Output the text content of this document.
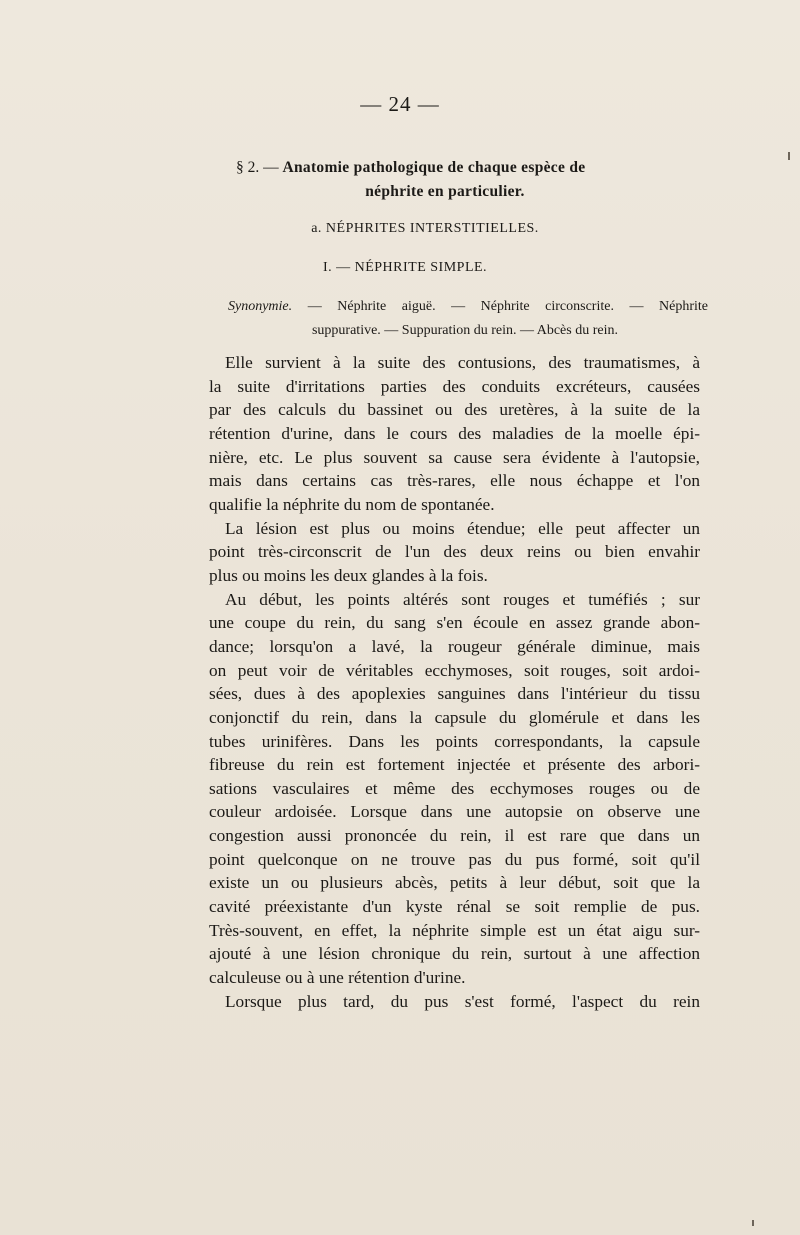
— 24 —
§ 2. — Anatomie pathologique de chaque espèce de
néphrite en particulier.
a. NÉPHRITES INTERSTITIELLES.
I. — NÉPHRITE SIMPLE.
Synonymie. — Néphrite aiguë. — Néphrite circonscrite. — Néphrite
suppurative. — Suppuration du rein. — Abcès du rein.
Elle survient à la suite des contusions, des traumatismes, à
la suite d'irritations parties des conduits excréteurs, causées
par des calculs du bassinet ou des uretères, à la suite de la
rétention d'urine, dans le cours des maladies de la moelle épi-
nière, etc. Le plus souvent sa cause sera évidente à l'autopsie,
mais dans certains cas très-rares, elle nous échappe et l'on
qualifie la néphrite du nom de spontanée.
La lésion est plus ou moins étendue; elle peut affecter un
point très-circonscrit de l'un des deux reins ou bien envahir
plus ou moins les deux glandes à la fois.
Au début, les points altérés sont rouges et tuméfiés ; sur
une coupe du rein, du sang s'en écoule en assez grande abon-
dance; lorsqu'on a lavé, la rougeur générale diminue, mais
on peut voir de véritables ecchymoses, soit rouges, soit ardoi-
sées, dues à des apoplexies sanguines dans l'intérieur du tissu
conjonctif du rein, dans la capsule du glomérule et dans les
tubes urinifères. Dans les points correspondants, la capsule
fibreuse du rein est fortement injectée et présente des arbori-
sations vasculaires et même des ecchymoses rouges ou de
couleur ardoisée. Lorsque dans une autopsie on observe une
congestion aussi prononcée du rein, il est rare que dans un
point quelconque on ne trouve pas du pus formé, soit qu'il
existe un ou plusieurs abcès, petits à leur début, soit que la
cavité préexistante d'un kyste rénal se soit remplie de pus.
Très-souvent, en effet, la néphrite simple est un état aigu sur-
ajouté à une lésion chronique du rein, surtout à une affection
calculeuse ou à une rétention d'urine.
Lorsque plus tard, du pus s'est formé, l'aspect du rein
